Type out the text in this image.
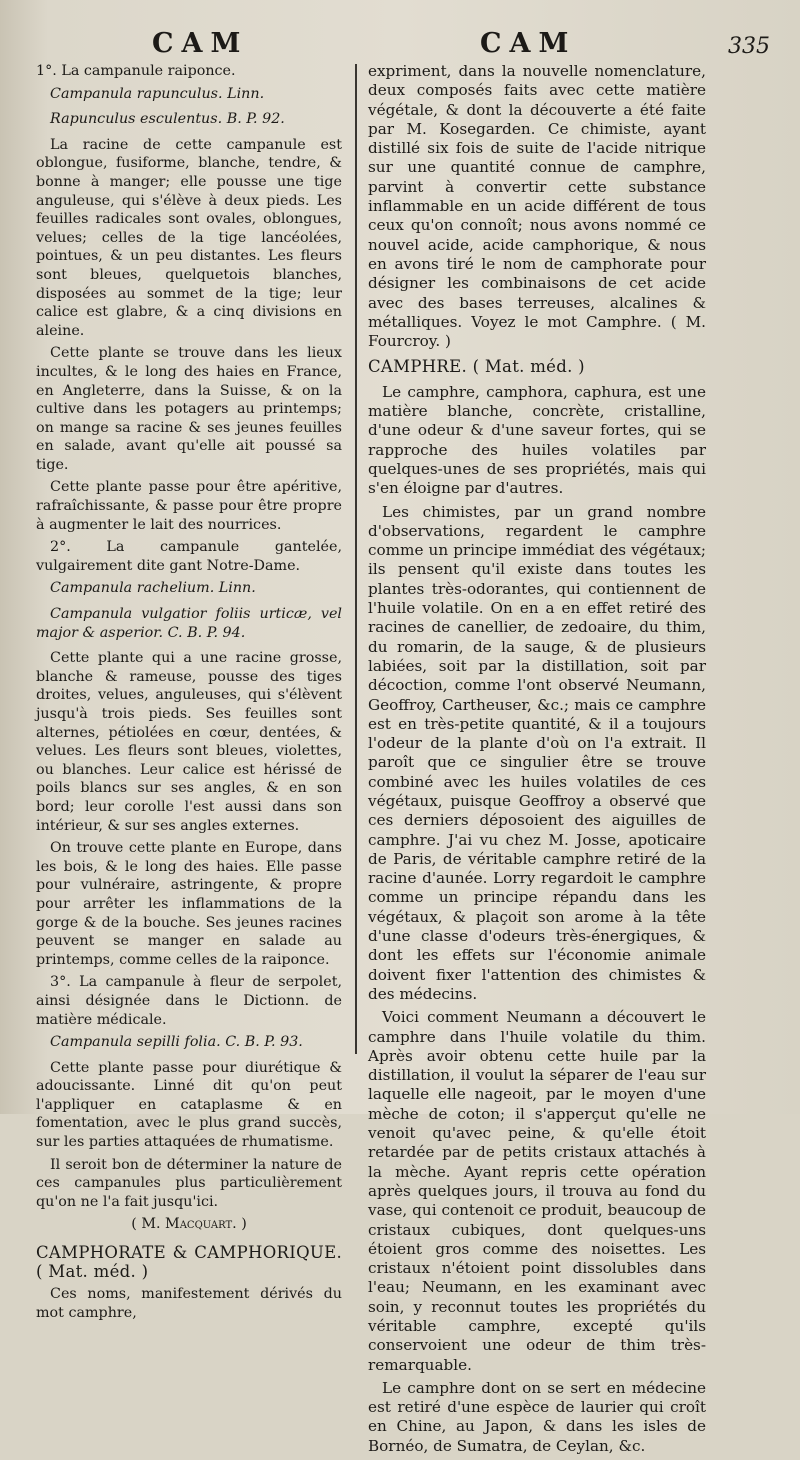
CAM	CAM	335

1°. La campanule raiponce.

Campanula rapunculus. Linn.

Rapunculus esculentus. B. P. 92.

La racine de cette campanule est oblongue, fusiforme, blanche, tendre, & bonne à manger; elle pousse une tige anguleuse, qui s'élève à deux pieds. Les feuilles radicales sont ovales, oblongues, velues; celles de la tige lancéolées, pointues, & un peu distantes. Les fleurs sont bleues, quelquetois blanches, disposées au sommet de la tige; leur calice est glabre, & a cinq divisions en aleine.

Cette plante se trouve dans les lieux incultes, & le long des haies en France, en Angleterre, dans la Suisse, & on la cultive dans les potagers au printemps; on mange sa racine & ses jeunes feuilles en salade, avant qu'elle ait poussé sa tige.

Cette plante passe pour être apéritive, rafraîchissante, & passe pour être propre à augmenter le lait des nourrices.

2°. La campanule gantelée, vulgairement dite gant Notre-Dame.

Campanula rachelium. Linn.

Campanula vulgatior foliis urticæ, vel major & asperior. C. B. P. 94.

Cette plante qui a une racine grosse, blanche & rameuse, pousse des tiges droites, velues, anguleuses, qui s'élèvent jusqu'à trois pieds. Ses feuilles sont alternes, pétiolées en cœur, dentées, & velues. Les fleurs sont bleues, violettes, ou blanches. Leur calice est hérissé de poils blancs sur ses angles, & en son bord; leur corolle l'est aussi dans son intérieur, & sur ses angles externes.

On trouve cette plante en Europe, dans les bois, & le long des haies. Elle passe pour vulnéraire, astringente, & propre pour arrêter les inflammations de la gorge & de la bouche. Ses jeunes racines peuvent se manger en salade au printemps, comme celles de la raiponce.

3°. La campanule à fleur de serpolet, ainsi désignée dans le Dictionn. de matière médicale.

Campanula sepilli folia. C. B. P. 93.

Cette plante passe pour diurétique & adoucissante. Linné dit qu'on peut l'appliquer en cataplasme & en fomentation, avec le plus grand succès, sur les parties attaquées de rhumatisme.

Il seroit bon de déterminer la nature de ces campanules plus particulièrement qu'on ne l'a fait jusqu'ici.

( M. Macquart. )

CAMPHORATE & CAMPHORIQUE. ( Mat. méd. )

Ces noms, manifestement dérivés du mot camphre,

expriment, dans la nouvelle nomenclature, deux composés faits avec cette matière végétale, & dont la découverte a été faite par M. Kosegarden. Ce chimiste, ayant distillé six fois de suite de l'acide nitrique sur une quantité connue de camphre, parvint à convertir cette substance inflammable en un acide différent de tous ceux qu'on connoît; nous avons nommé ce nouvel acide, acide camphorique, & nous en avons tiré le nom de camphorate pour désigner les combinaisons de cet acide avec des bases terreuses, alcalines & métalliques. Voyez le mot Camphre. ( M. Fourcroy. )

CAMPHRE. ( Mat. méd. )

Le camphre, camphora, caphura, est une matière blanche, concrète, cristalline, d'une odeur & d'une saveur fortes, qui se rapproche des huiles volatiles par quelques-unes de ses propriétés, mais qui s'en éloigne par d'autres.

Les chimistes, par un grand nombre d'observations, regardent le camphre comme un principe immédiat des végétaux; ils pensent qu'il existe dans toutes les plantes très-odorantes, qui contiennent de l'huile volatile. On en a en effet retiré des racines de canellier, de zedoaire, du thim, du romarin, de la sauge, & de plusieurs labiées, soit par la distillation, soit par décoction, comme l'ont observé Neumann, Geoffroy, Cartheuser, &c.; mais ce camphre est en très-petite quantité, & il a toujours l'odeur de la plante d'où on l'a extrait. Il paroît que ce singulier être se trouve combiné avec les huiles volatiles de ces végétaux, puisque Geoffroy a observé que ces derniers déposoient des aiguilles de camphre. J'ai vu chez M. Josse, apoticaire de Paris, de véritable camphre retiré de la racine d'aunée. Lorry regardoit le camphre comme un principe répandu dans les végétaux, & plaçoit son arome à la tête d'une classe d'odeurs très-énergiques, & dont les effets sur l'économie animale doivent fixer l'attention des chimistes & des médecins.

Voici comment Neumann a découvert le camphre dans l'huile volatile du thim. Après avoir obtenu cette huile par la distillation, il voulut la séparer de l'eau sur laquelle elle nageoit, par le moyen d'une mèche de coton; il s'apperçut qu'elle ne venoit qu'avec peine, & qu'elle étoit retardée par de petits cristaux attachés à la mèche. Ayant repris cette opération après quelques jours, il trouva au fond du vase, qui contenoit ce produit, beaucoup de cristaux cubiques, dont quelques-uns étoient gros comme des noisettes. Les cristaux n'étoient point dissolubles dans l'eau; Neumann, en les examinant avec soin, y reconnut toutes les propriétés du véritable camphre, excepté qu'ils conservoient une odeur de thim très-remarquable.

Le camphre dont on se sert en médecine est retiré d'une espèce de laurier qui croît en Chine, au Japon, & dans les isles de Bornéo, de Sumatra, de Ceylan, &c.
